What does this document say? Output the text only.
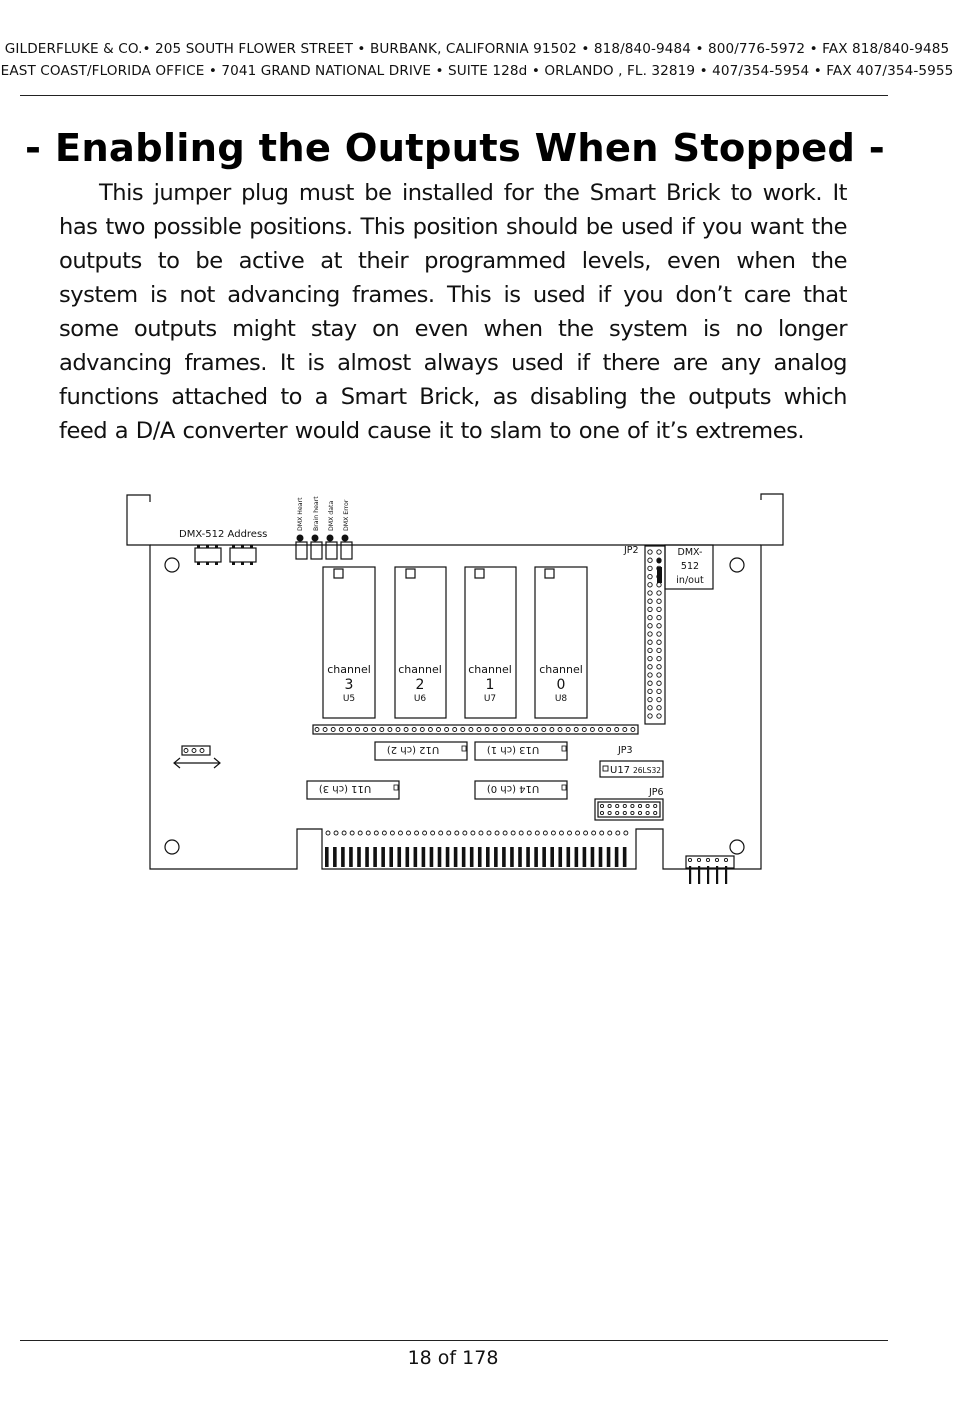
GILDERFLUKE & CO.• 205 SOUTH FLOWER STREET • BURBANK, CALIFORNIA 91502 • 818/840-9484 • 800/776-5972 • FAX 818/840-9485
EAST COAST/FLORIDA OFFICE • 7041 GRAND NATIONAL DRIVE • SUITE 128d • ORLANDO , FL. 32819 • 407/354-5954 • FAX 407/354-5955
- Enabling the Outputs When Stopped -

This jumper plug must be installed for the Smart Brick to work. It has two possible positions. This position should be used if you want the outputs to be active at their programmed levels, even when the system is not advancing frames. This is used if you don’t care that some outputs might stay on even when the system is no longer advancing frames. It is almost always used if there are any analog functions attached to a Smart Brick, as disabling the outputs which feed a D/A converter would cause it to slam to one of it’s extremes.

DMX Heart Brain heart DMX data DMX Error
DMX-512 Address
channel
3
U5
channel
2
U6
channel
1
U7
channel
0
U8
JP2	DMX-
512
in/out
U12 (ch 2)	U13 (ch 1)
U11 (ch 3)	U14 (ch 0)
JP3
U17 26LS32
JP6
18 of 178
